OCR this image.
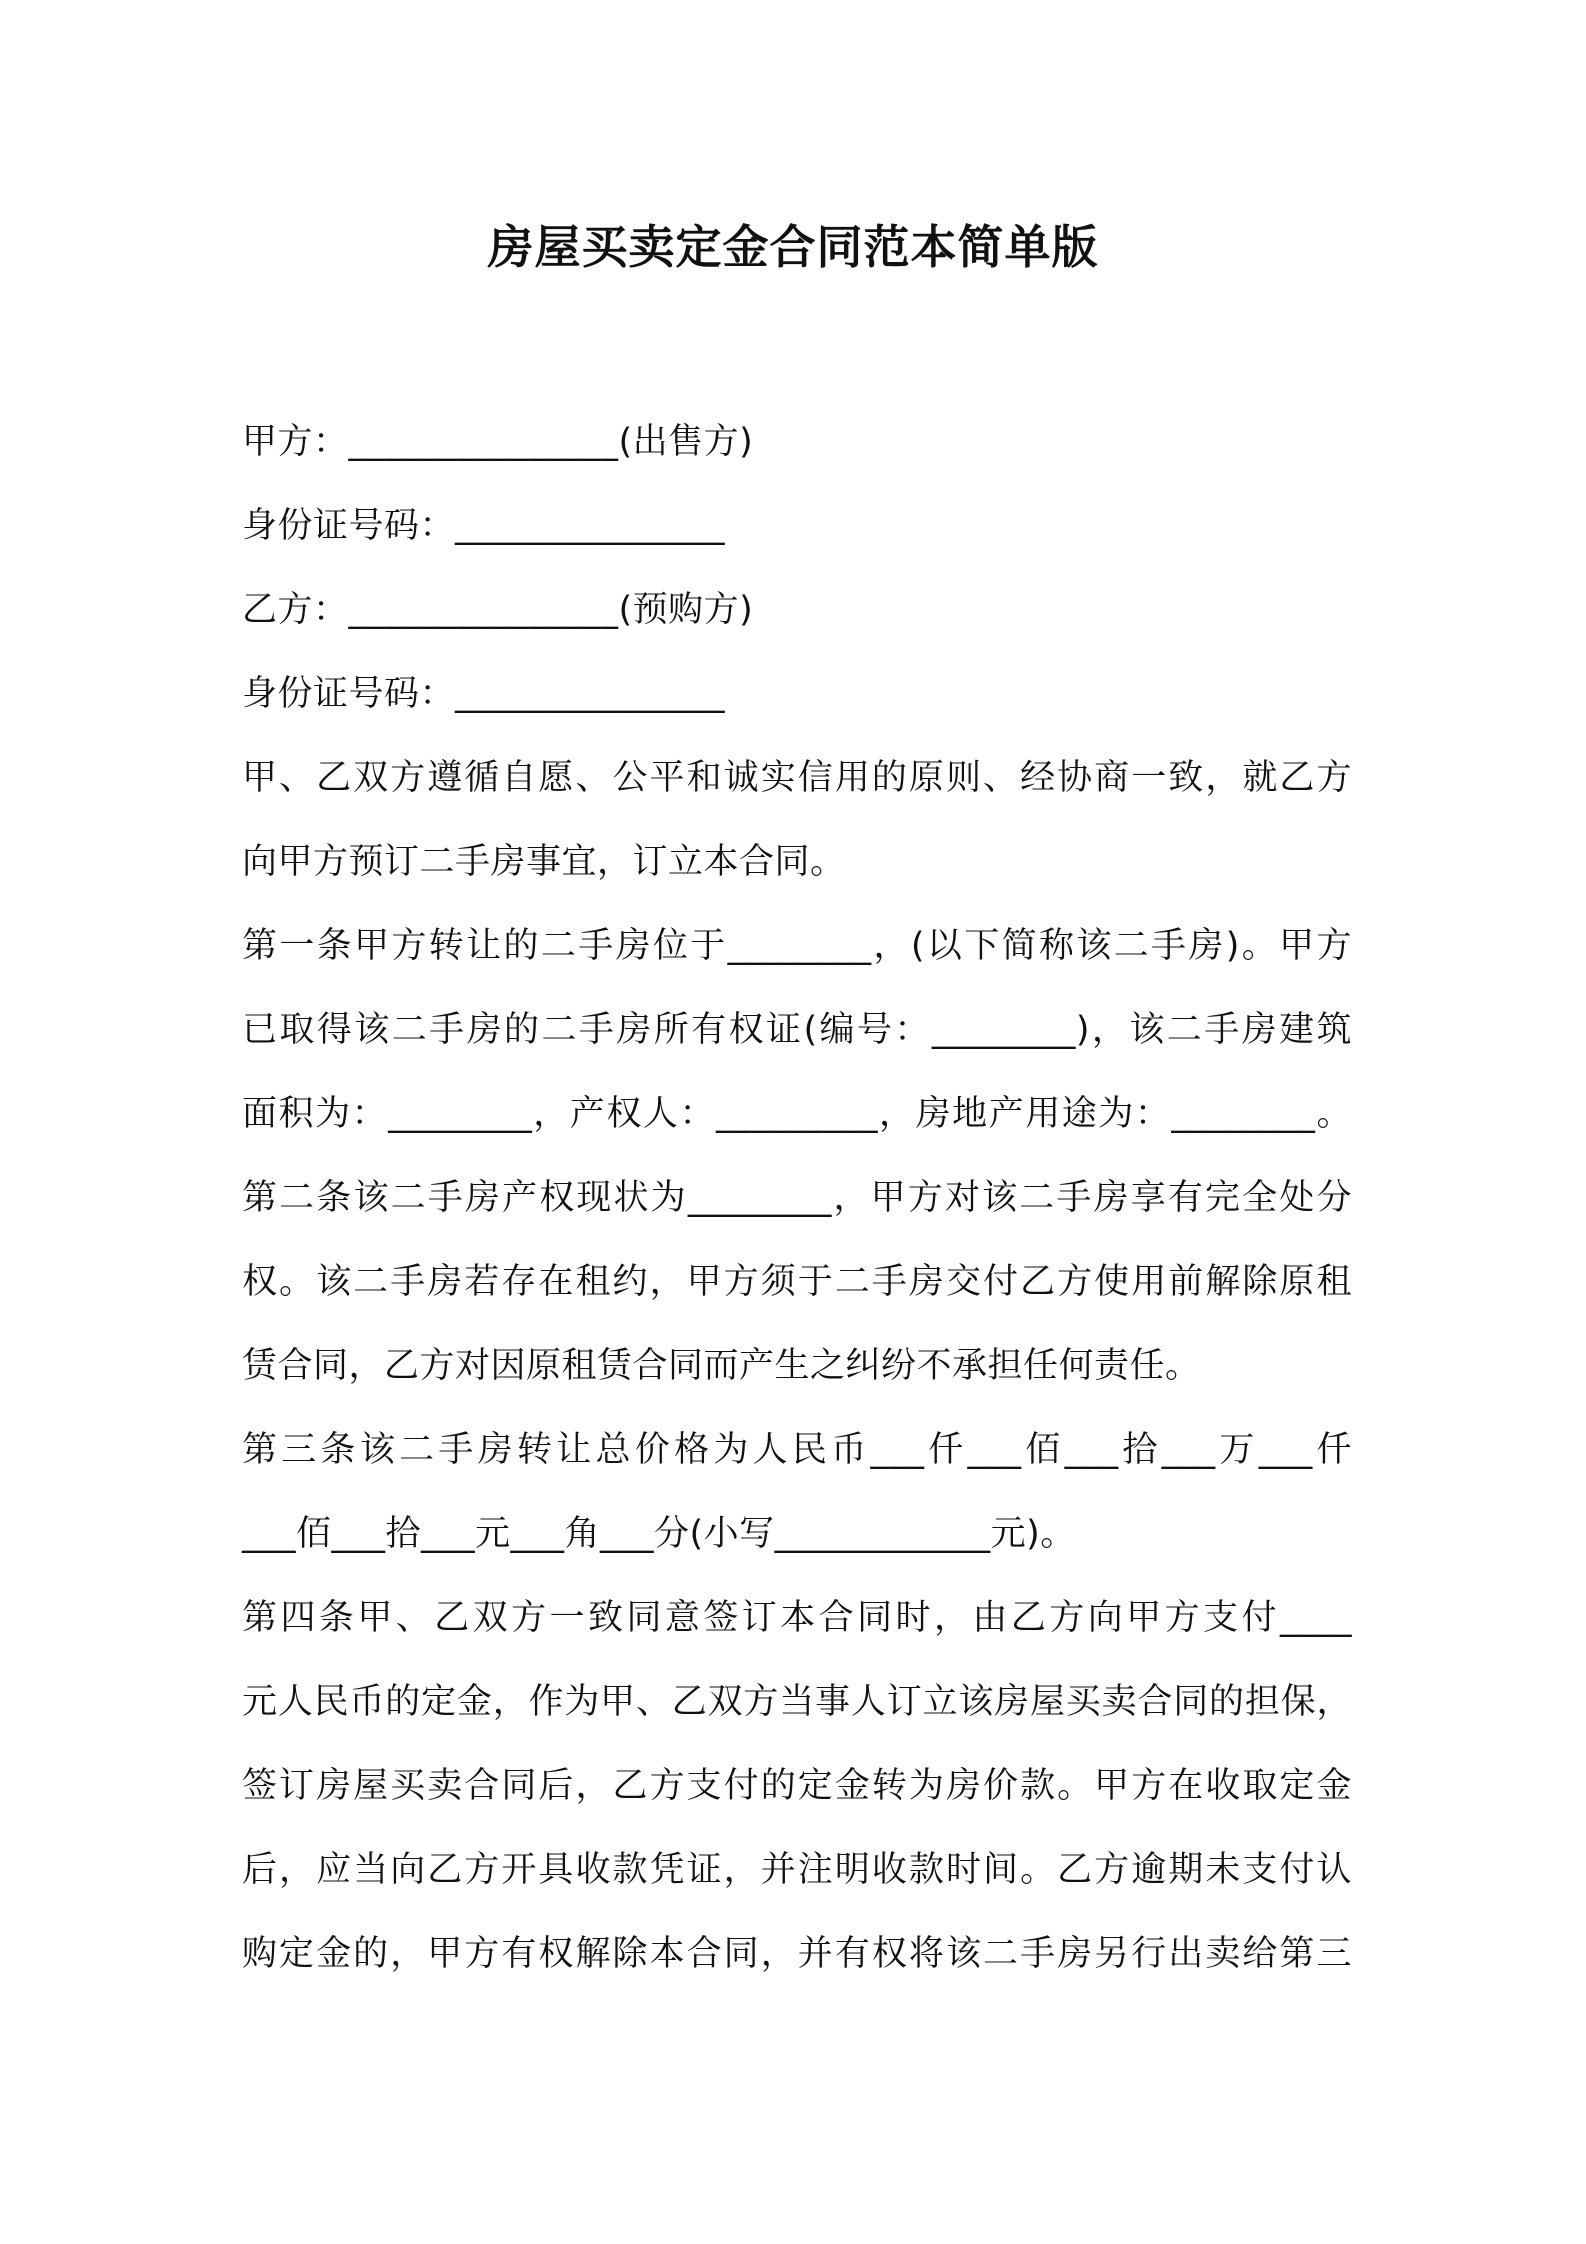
房屋买卖定金合同范本简单版
甲方：_______________(出售方)
身份证号码：_______________
乙方：_______________(预购方)
身份证号码：_______________
甲、乙双方遵循自愿、公平和诚实信用的原则、经协商一致，就乙方
向甲方预订二手房事宜，订立本合同。
第一条甲方转让的二手房位于________，(以下简称该二手房)。甲方
已取得该二手房的二手房所有权证(编号：________)，该二手房建筑
面积为：________，产权人：_________，房地产用途为：________。
第二条该二手房产权现状为________，甲方对该二手房享有完全处分
权。该二手房若存在租约，甲方须于二手房交付乙方使用前解除原租
赁合同，乙方对因原租赁合同而产生之纠纷不承担任何责任。
第三条该二手房转让总价格为人民币___仟___佰___拾___万___仟
___佰___拾___元___角___分(小写____________元)。
第四条甲、乙双方一致同意签订本合同时，由乙方向甲方支付____
元人民币的定金，作为甲、乙双方当事人订立该房屋买卖合同的担保，
签订房屋买卖合同后，乙方支付的定金转为房价款。甲方在收取定金
后，应当向乙方开具收款凭证，并注明收款时间。乙方逾期未支付认
购定金的，甲方有权解除本合同，并有权将该二手房另行出卖给第三
